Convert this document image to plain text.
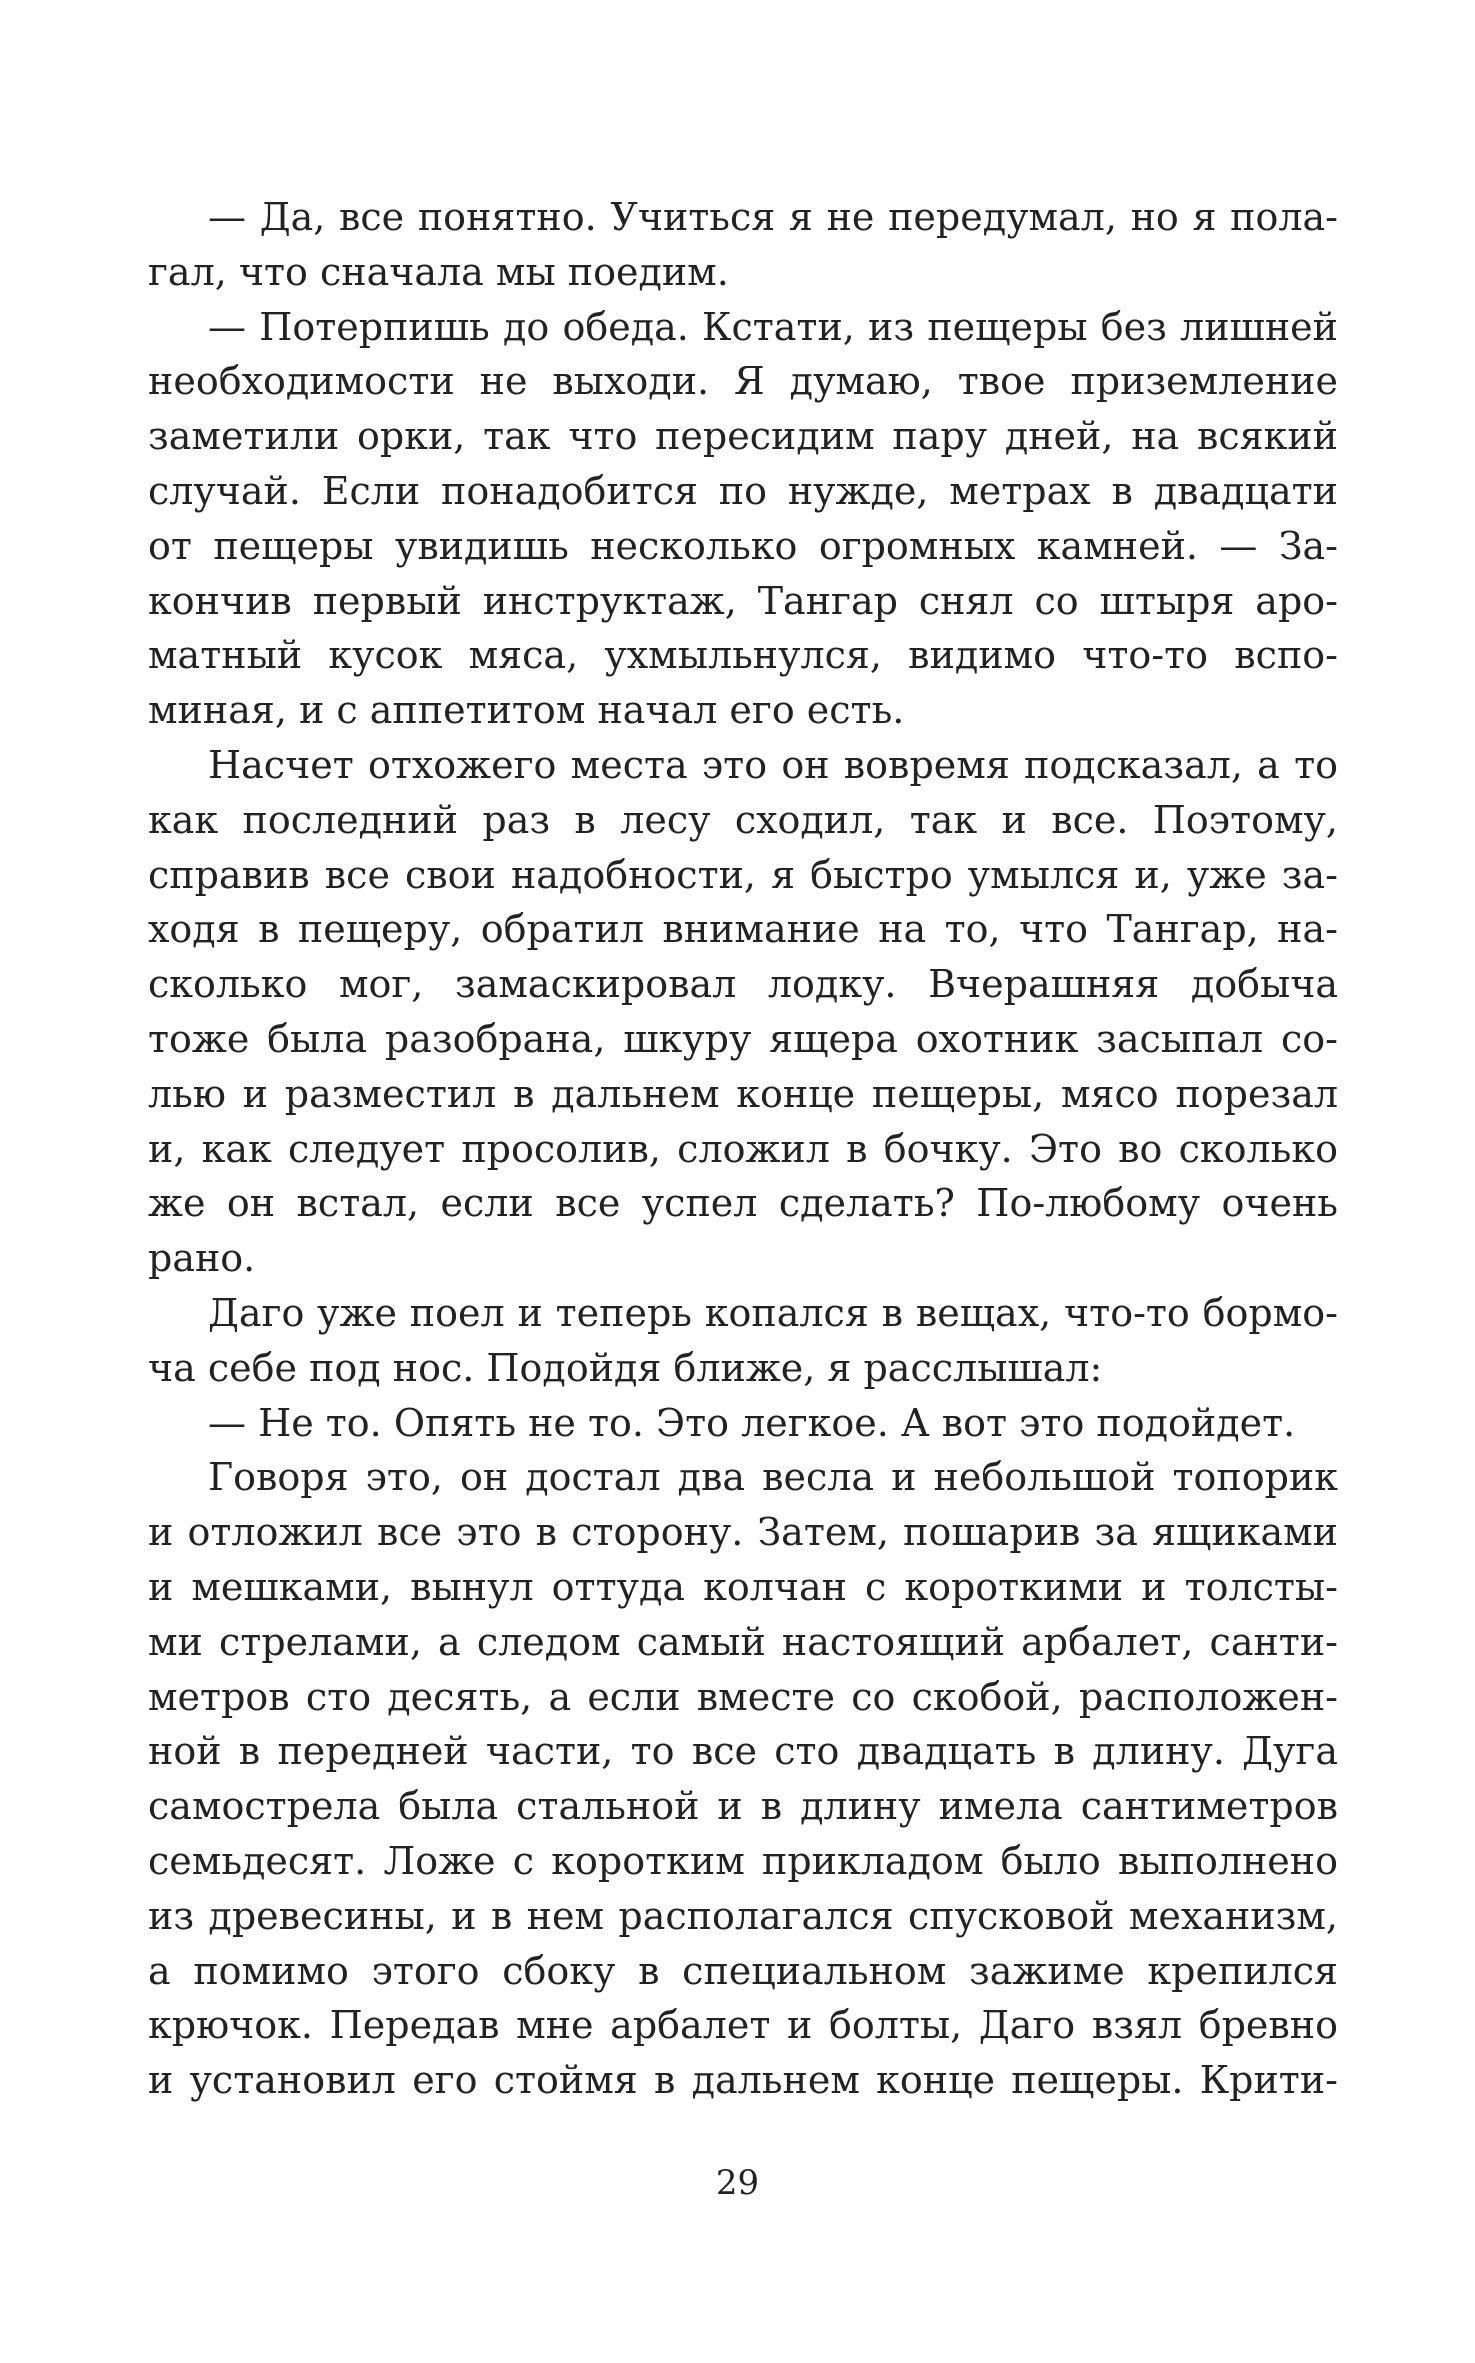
— Да, все понятно. Учиться я не передумал, но я пола-
гал, что сначала мы поедим.
— Потерпишь до обеда. Кстати, из пещеры без лишней
необходимости не выходи. Я думаю, твое приземление
заметили орки, так что пересидим пару дней, на всякий
случай. Если понадобится по нужде, метрах в двадцати
от пещеры увидишь несколько огромных камней. — За-
кончив первый инструктаж, Тангар снял со штыря аро-
матный кусок мяса, ухмыльнулся, видимо что-то вспо-
миная, и с аппетитом начал его есть.
Насчет отхожего места это он вовремя подсказал, а то
как последний раз в лесу сходил, так и все. Поэтому,
справив все свои надобности, я быстро умылся и, уже за-
ходя в пещеру, обратил внимание на то, что Тангар, на-
сколько мог, замаскировал лодку. Вчерашняя добыча
тоже была разобрана, шкуру ящера охотник засыпал со-
лью и разместил в дальнем конце пещеры, мясо порезал
и, как следует просолив, сложил в бочку. Это во сколько
же он встал, если все успел сделать? По-любому очень
рано.
Даго уже поел и теперь копался в вещах, что-то бормо-
ча себе под нос. Подойдя ближе, я расслышал:
— Не то. Опять не то. Это легкое. А вот это подойдет.
Говоря это, он достал два весла и небольшой топорик
и отложил все это в сторону. Затем, пошарив за ящиками
и мешками, вынул оттуда колчан с короткими и толсты-
ми стрелами, а следом самый настоящий арбалет, санти-
метров сто десять, а если вместе со скобой, расположен-
ной в передней части, то все сто двадцать в длину. Дуга
самострела была стальной и в длину имела сантиметров
семьдесят. Ложе с коротким прикладом было выполнено
из древесины, и в нем располагался спусковой механизм,
а помимо этого сбоку в специальном зажиме крепился
крючок. Передав мне арбалет и болты, Даго взял бревно
и установил его стоймя в дальнем конце пещеры. Крити-
29
